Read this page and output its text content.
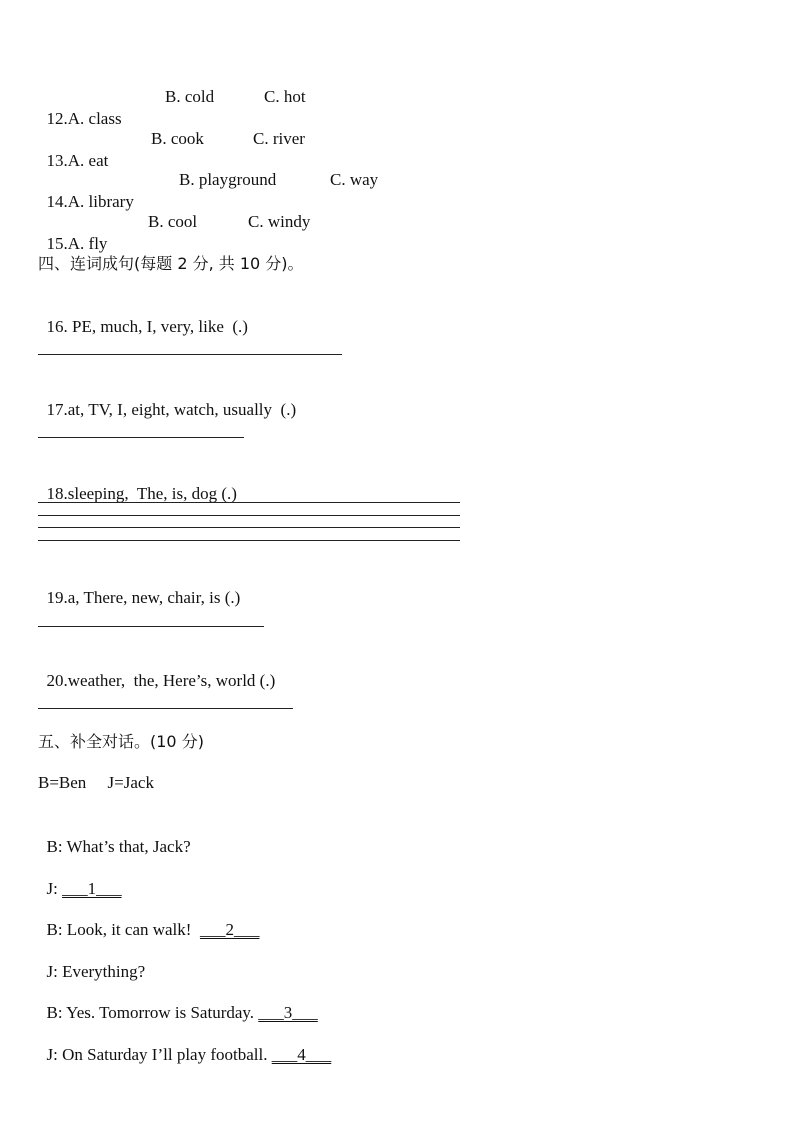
12.A. class

B. cold	C. hot

13.A. eat

B. cook	C. river

14.A. library

B. playground	C. way

15.A. fly

B. cool	C. windy
四、连词成句(每题 2 分, 共 10 分)。

16. PE, much, I, very, like  (.)

17.at, TV, I, eight, watch, usually  (.)

18.sleeping,  The, is, dog (.)

19.a, There, new, chair, is (.)

20.weather,  the, Here’s, world (.)

五、补全对话。(10 分)
B=Ben     J=Jack

B: What’s that, Jack?

J: ___1___

B: Look, it can walk!  ___2___

J: Everything?

B: Yes. Tomorrow is Saturday. ___3___

J: On Saturday I’ll play football. ___4___
